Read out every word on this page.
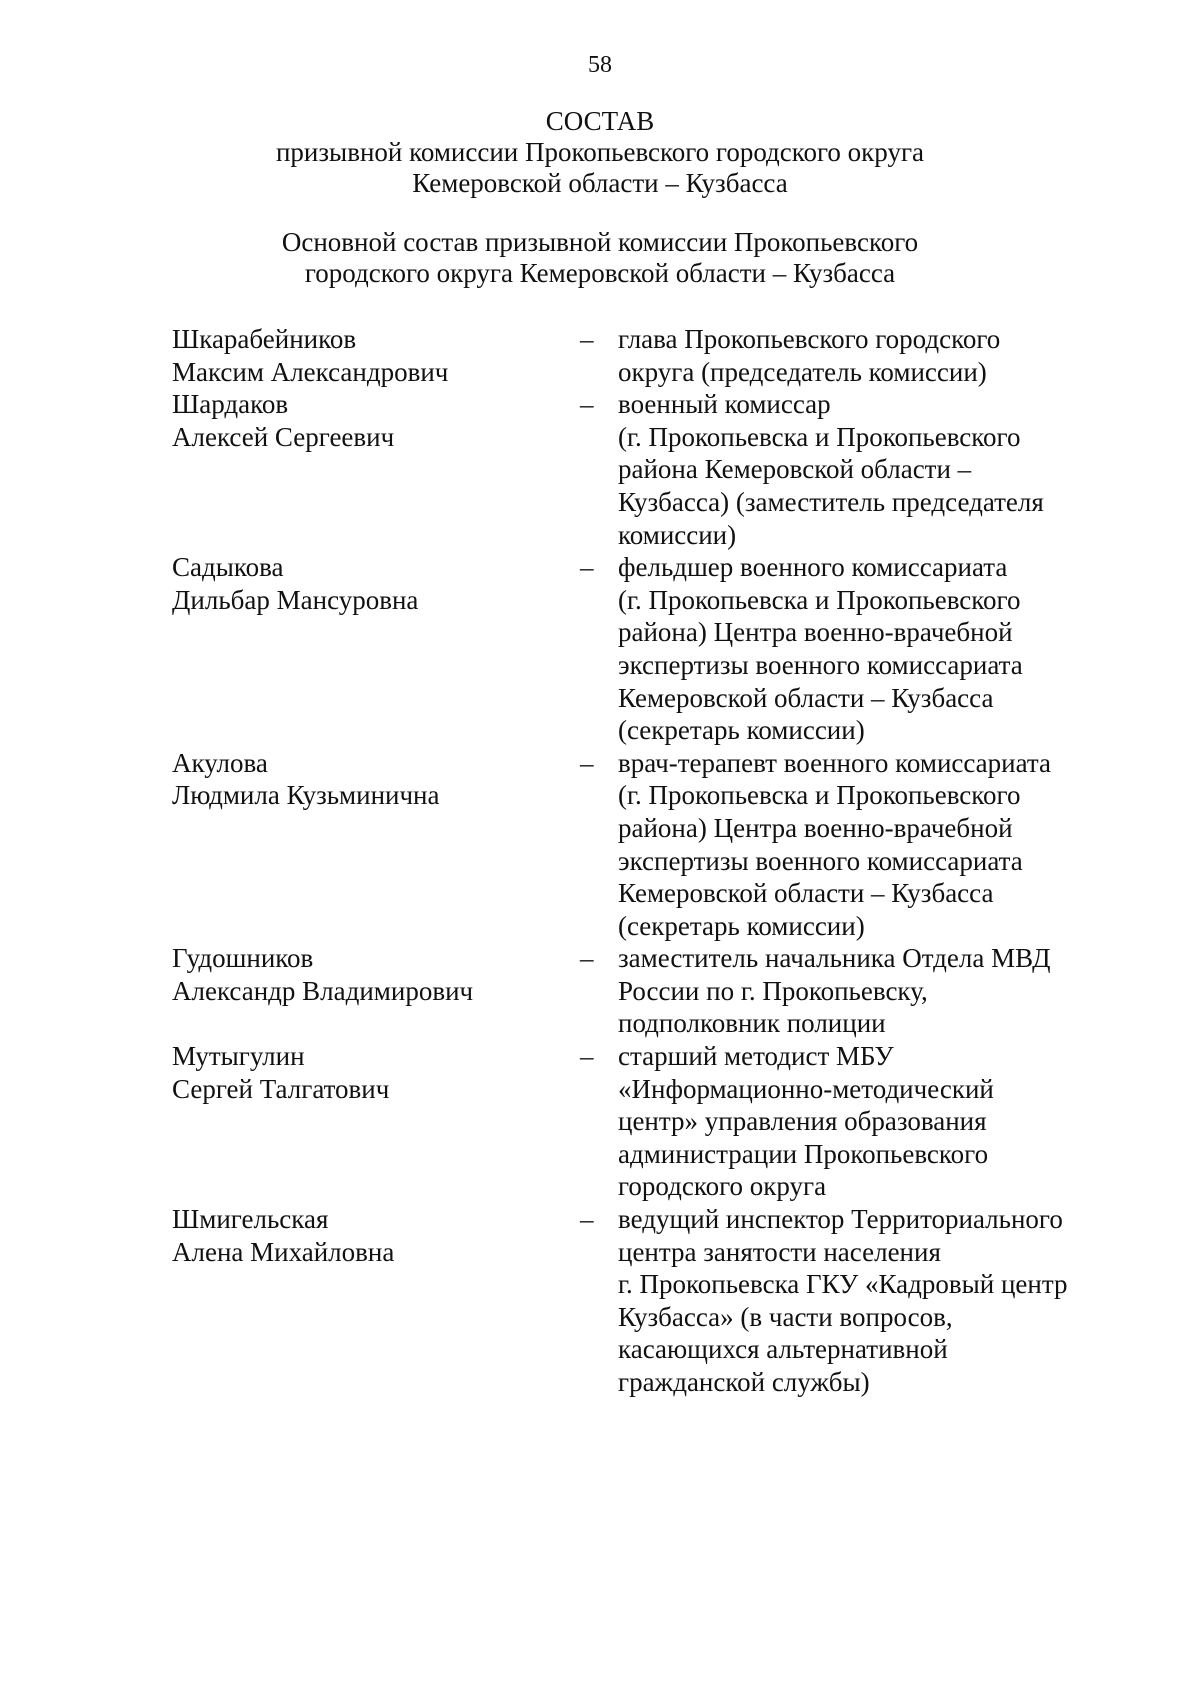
58
СОСТАВ
призывной комиссии Прокопьевского городского округа
Кемеровской области – Кузбасса
Основной состав призывной комиссии Прокопьевского
городского округа Кемеровской области – Кузбасса
Шкарабейников
Максим Александрович
– глава Прокопьевского городского
округа (председатель комиссии)
Шардаков
Алексей Сергеевич
– военный комиссар
(г. Прокопьевска и Прокопьевского
района Кемеровской области –
Кузбасса) (заместитель председателя
комиссии)
Садыкова
Дильбар Мансуровна
– фельдшер военного комиссариата
(г. Прокопьевска и Прокопьевского
района) Центра военно-врачебной
экспертизы военного комиссариата
Кемеровской области – Кузбасса
(секретарь комиссии)
Акулова
Людмила Кузьминична
– врач-терапевт военного комиссариата
(г. Прокопьевска и Прокопьевского
района) Центра военно-врачебной
экспертизы военного комиссариата
Кемеровской области – Кузбасса
(секретарь комиссии)
Гудошников
Александр Владимирович
– заместитель начальника Отдела МВД
России по г. Прокопьевску,
подполковник полиции
Мутыгулин
Сергей Талгатович
– старший методист МБУ
«Информационно-методический
центр» управления образования
администрации Прокопьевского
городского округа
Шмигельская
Алена Михайловна
– ведущий инспектор Территориального
центра занятости населения
г. Прокопьевска ГКУ «Кадровый центр
Кузбасса» (в части вопросов,
касающихся альтернативной
гражданской службы)
